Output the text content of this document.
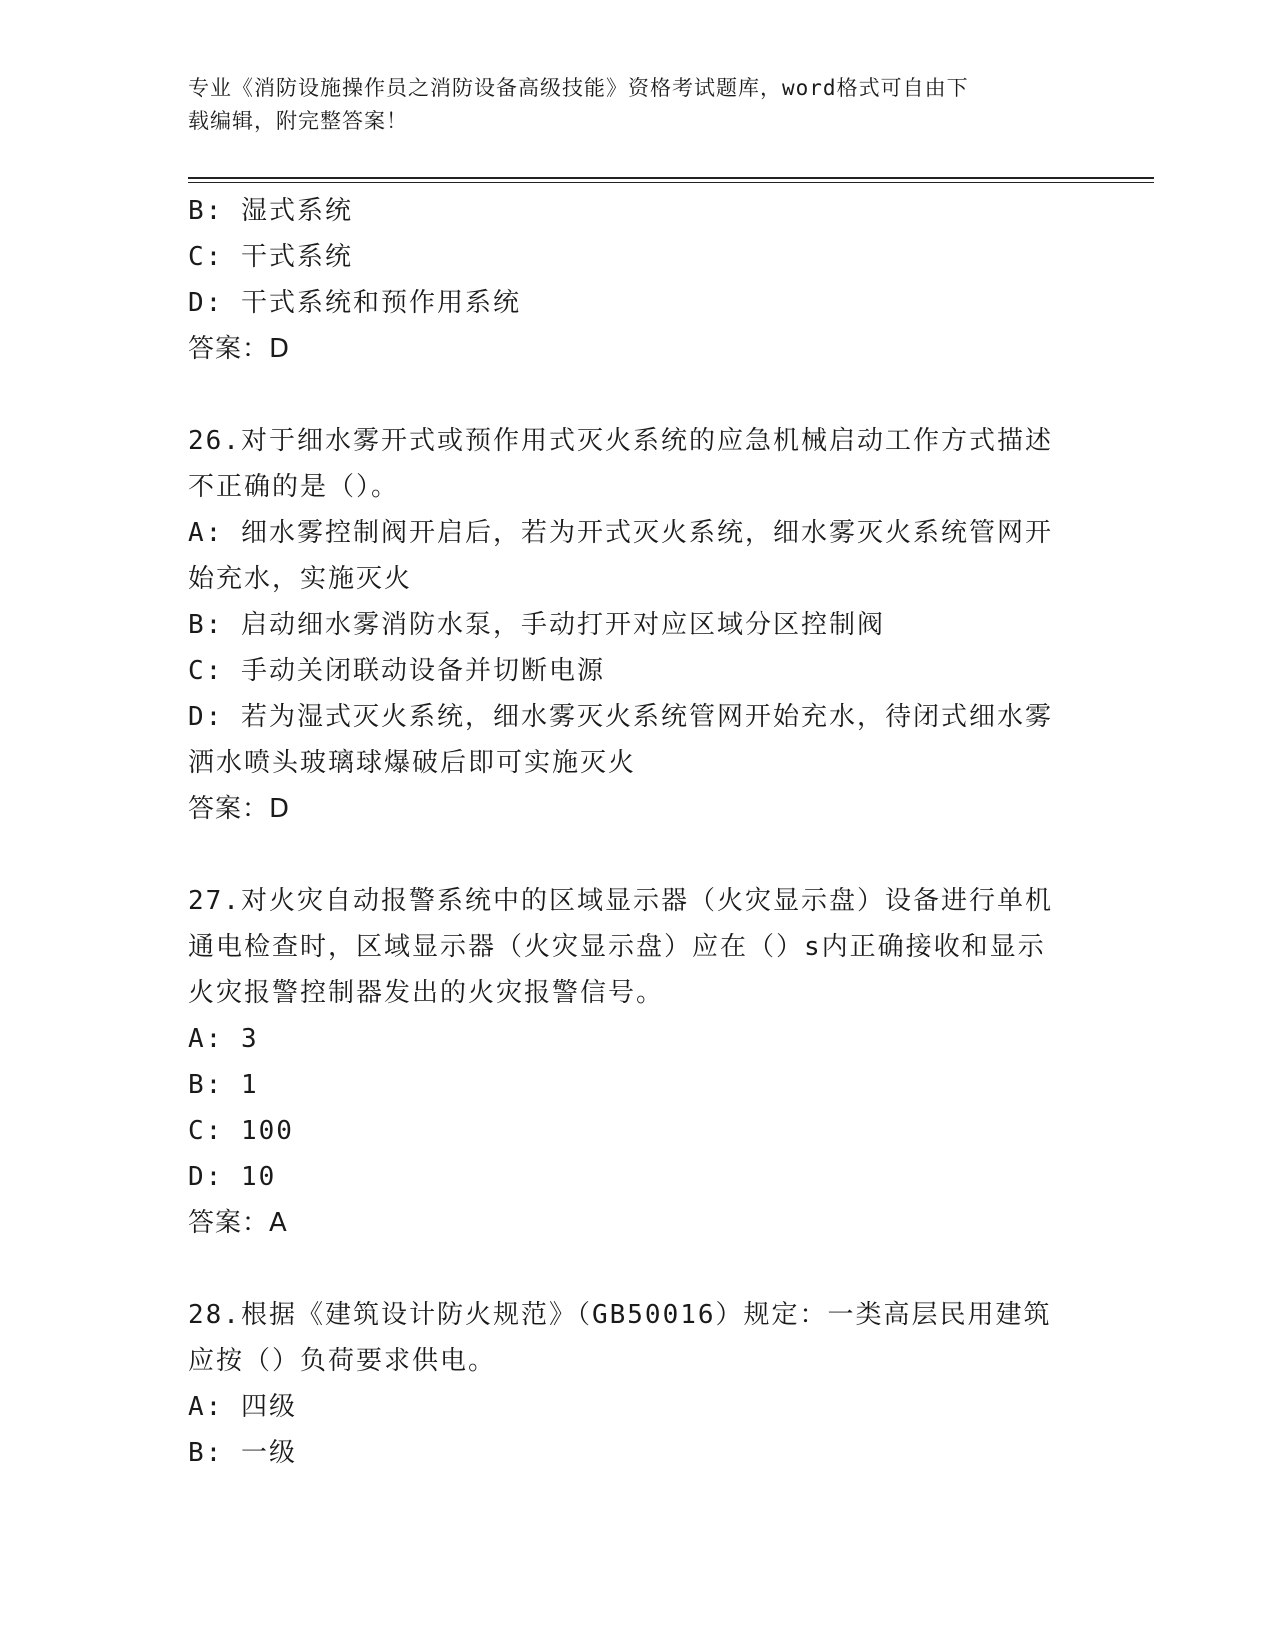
专业《消防设施操作员之消防设备高级技能》资格考试题库，word格式可自由下
载编辑，附完整答案！
B: 湿式系统
C: 干式系统
D: 干式系统和预作用系统
答案：D
26.对于细水雾开式或预作用式灭火系统的应急机械启动工作方式描述
不正确的是（）。
A: 细水雾控制阀开启后，若为开式灭火系统，细水雾灭火系统管网开
始充水，实施灭火
B: 启动细水雾消防水泵，手动打开对应区域分区控制阀
C: 手动关闭联动设备并切断电源
D: 若为湿式灭火系统，细水雾灭火系统管网开始充水，待闭式细水雾
洒水喷头玻璃球爆破后即可实施灭火
答案：D
27.对火灾自动报警系统中的区域显示器（火灾显示盘）设备进行单机
通电检查时，区域显示器（火灾显示盘）应在（）s内正确接收和显示
火灾报警控制器发出的火灾报警信号。
A: 3
B: 1
C: 100
D: 10
答案：A
28.根据《建筑设计防火规范》（GB50016）规定：一类高层民用建筑
应按（）负荷要求供电。
A: 四级
B: 一级
